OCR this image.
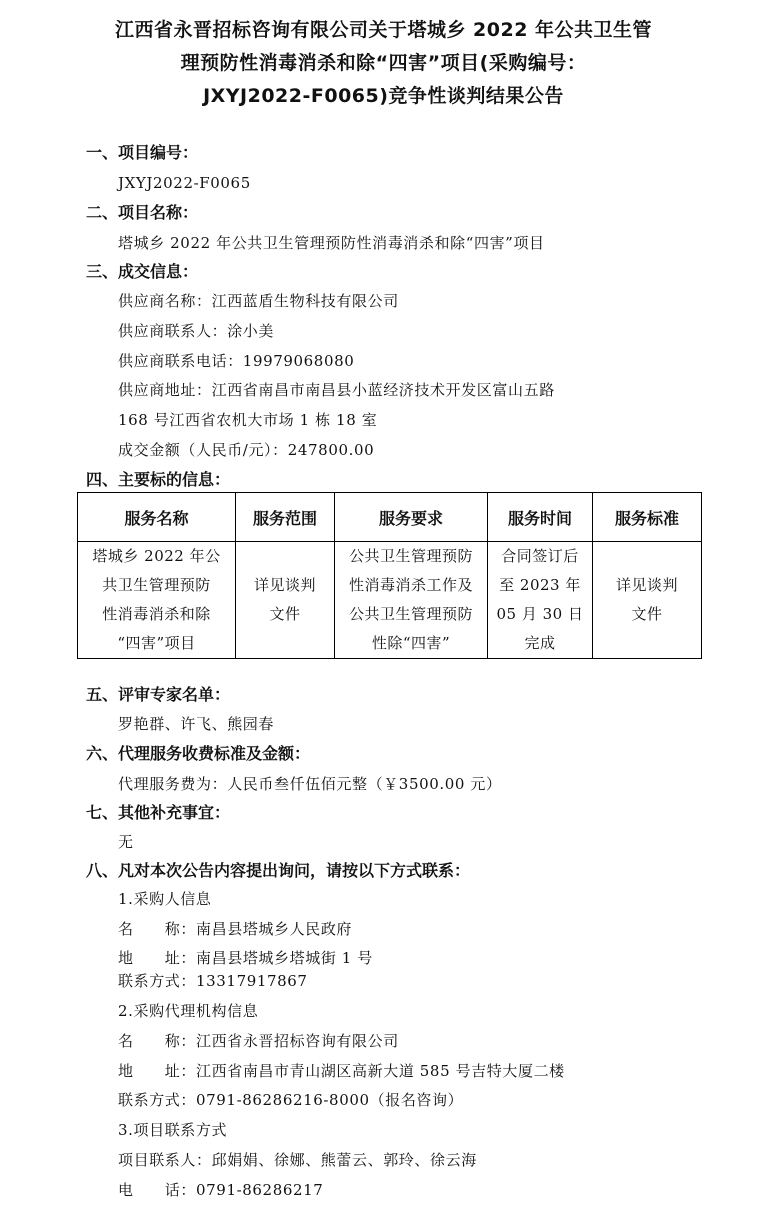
江西省永晋招标咨询有限公司关于塔城乡 2022 年公共卫生管
理预防性消毒消杀和除“四害”项目(采购编号：
JXYJ2022-F0065)竞争性谈判结果公告
一、项目编号：
JXYJ2022-F0065
二、项目名称：
塔城乡 2022 年公共卫生管理预防性消毒消杀和除“四害”项目
三、成交信息：
供应商名称：江西蓝盾生物科技有限公司
供应商联系人：涂小美
供应商联系电话：19979068080
供应商地址：江西省南昌市南昌县小蓝经济技术开发区富山五路
168 号江西省农机大市场 1 栋 18 室
成交金额（人民币/元）：247800.00
四、主要标的信息：
服务名称	服务范围	服务要求	服务时间	服务标准

塔城乡 2022 年公
共卫生管理预防
性消毒消杀和除
“四害”项目	详见谈判
文件	公共卫生管理预防
性消毒消杀工作及
公共卫生管理预防
性除“四害”	合同签订后
至 2023 年
05 月 30 日
完成	详见谈判
文件
五、评审专家名单：
罗艳群、许飞、熊园春
六、代理服务收费标准及金额：
代理服务费为：人民币叁仟伍佰元整（￥3500.00 元）
七、其他补充事宜：
无
八、凡对本次公告内容提出询问，请按以下方式联系：
1.采购人信息
名　　称：南昌县塔城乡人民政府
地　　址：南昌县塔城乡塔城街 1 号
联系方式：13317917867
2.采购代理机构信息
名　　称：江西省永晋招标咨询有限公司
地　　址：江西省南昌市青山湖区高新大道 585 号吉特大厦二楼
联系方式：0791-86286216-8000（报名咨询）
3.项目联系方式
项目联系人：邱娟娟、徐娜、熊蕾云、郭玲、徐云海
电　　话：0791-86286217
